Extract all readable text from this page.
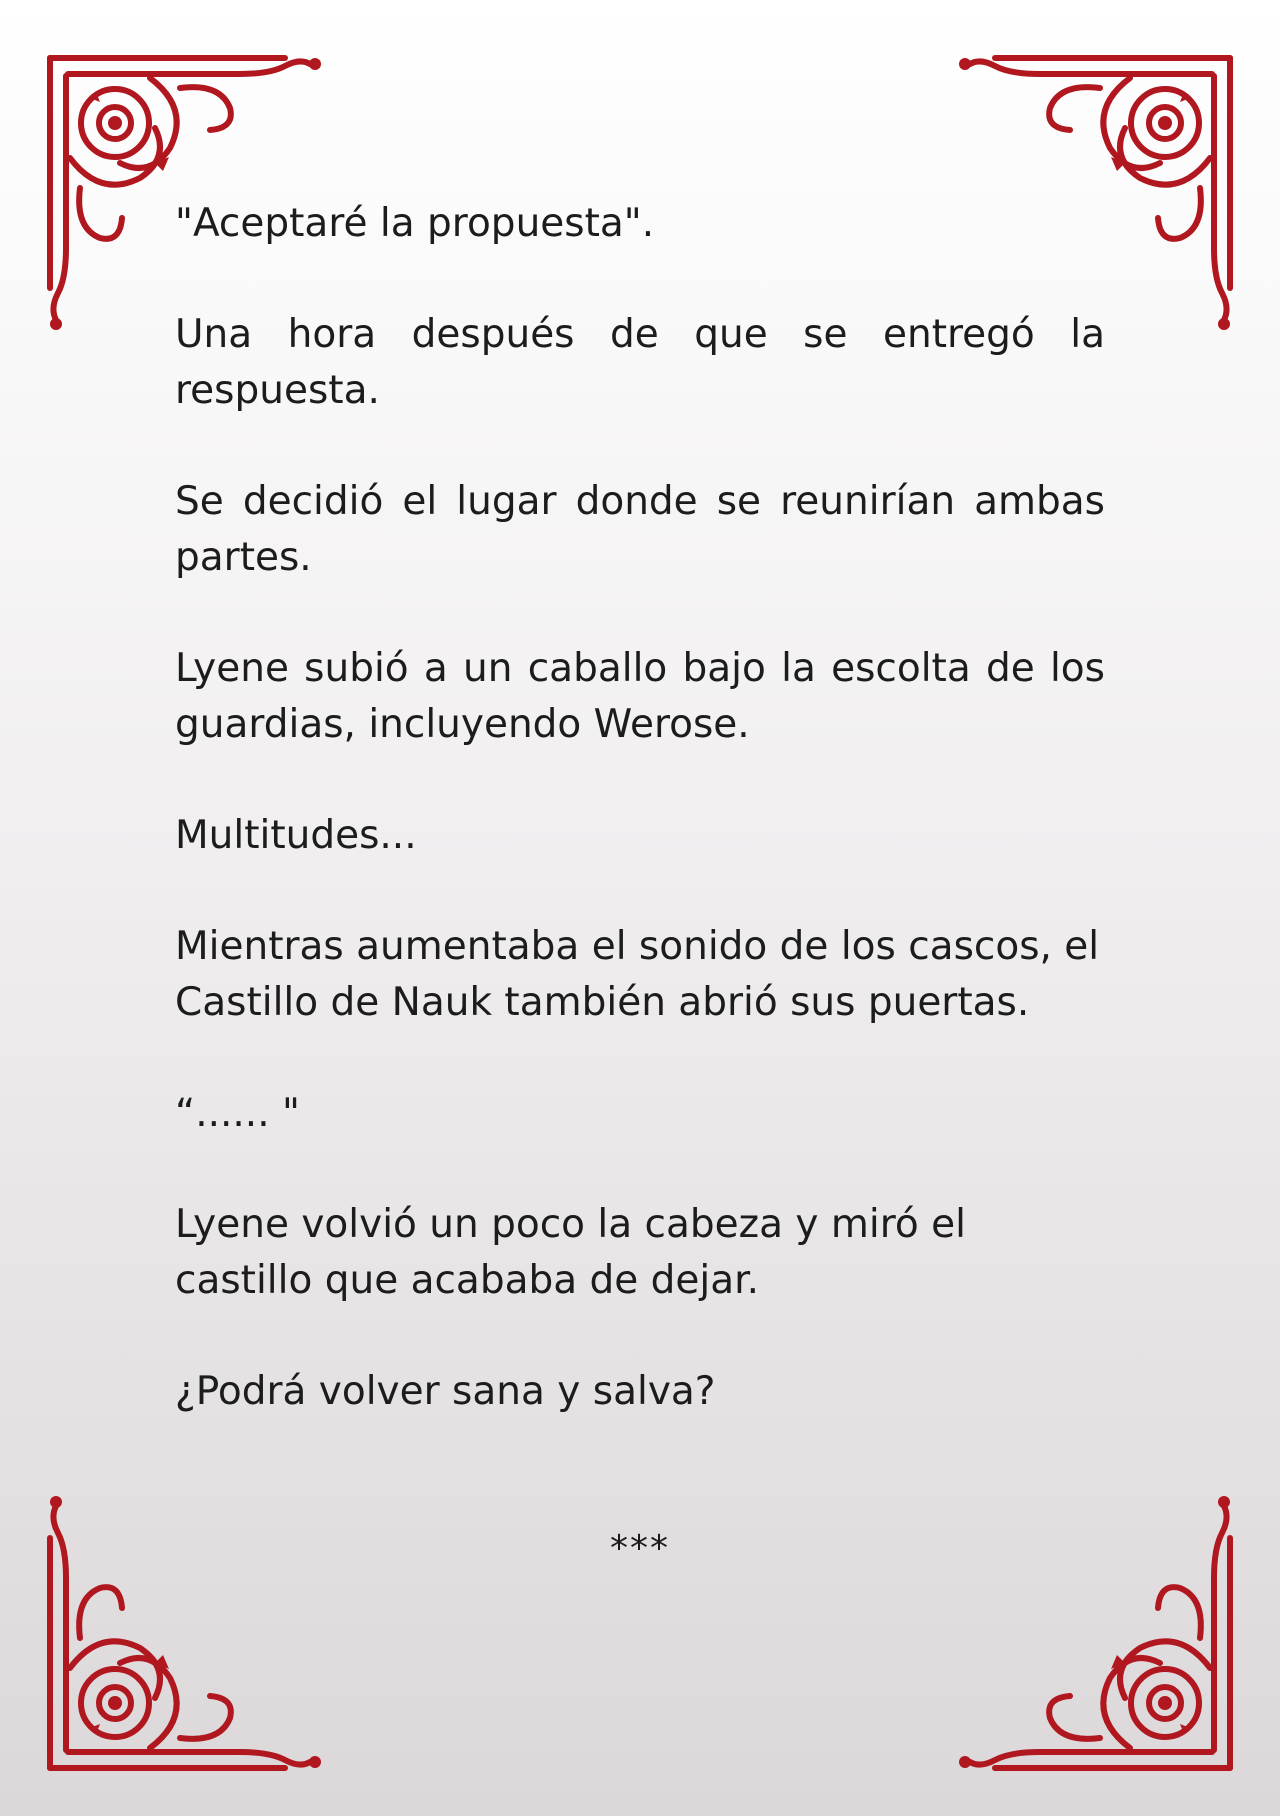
"Aceptaré la propuesta".

Una hora después de que se entregó la respuesta.

Se decidió el lugar donde se reunirían ambas partes.

Lyene subió a un caballo bajo la escolta de los guardias, incluyendo Werose.

Multitudes...

Mientras aumentaba el sonido de los cascos, el Castillo de Nauk también abrió sus puertas.

“...... "

Lyene volvió un poco la cabeza y miró el castillo que acababa de dejar.

¿Podrá volver sana y salva?

***
